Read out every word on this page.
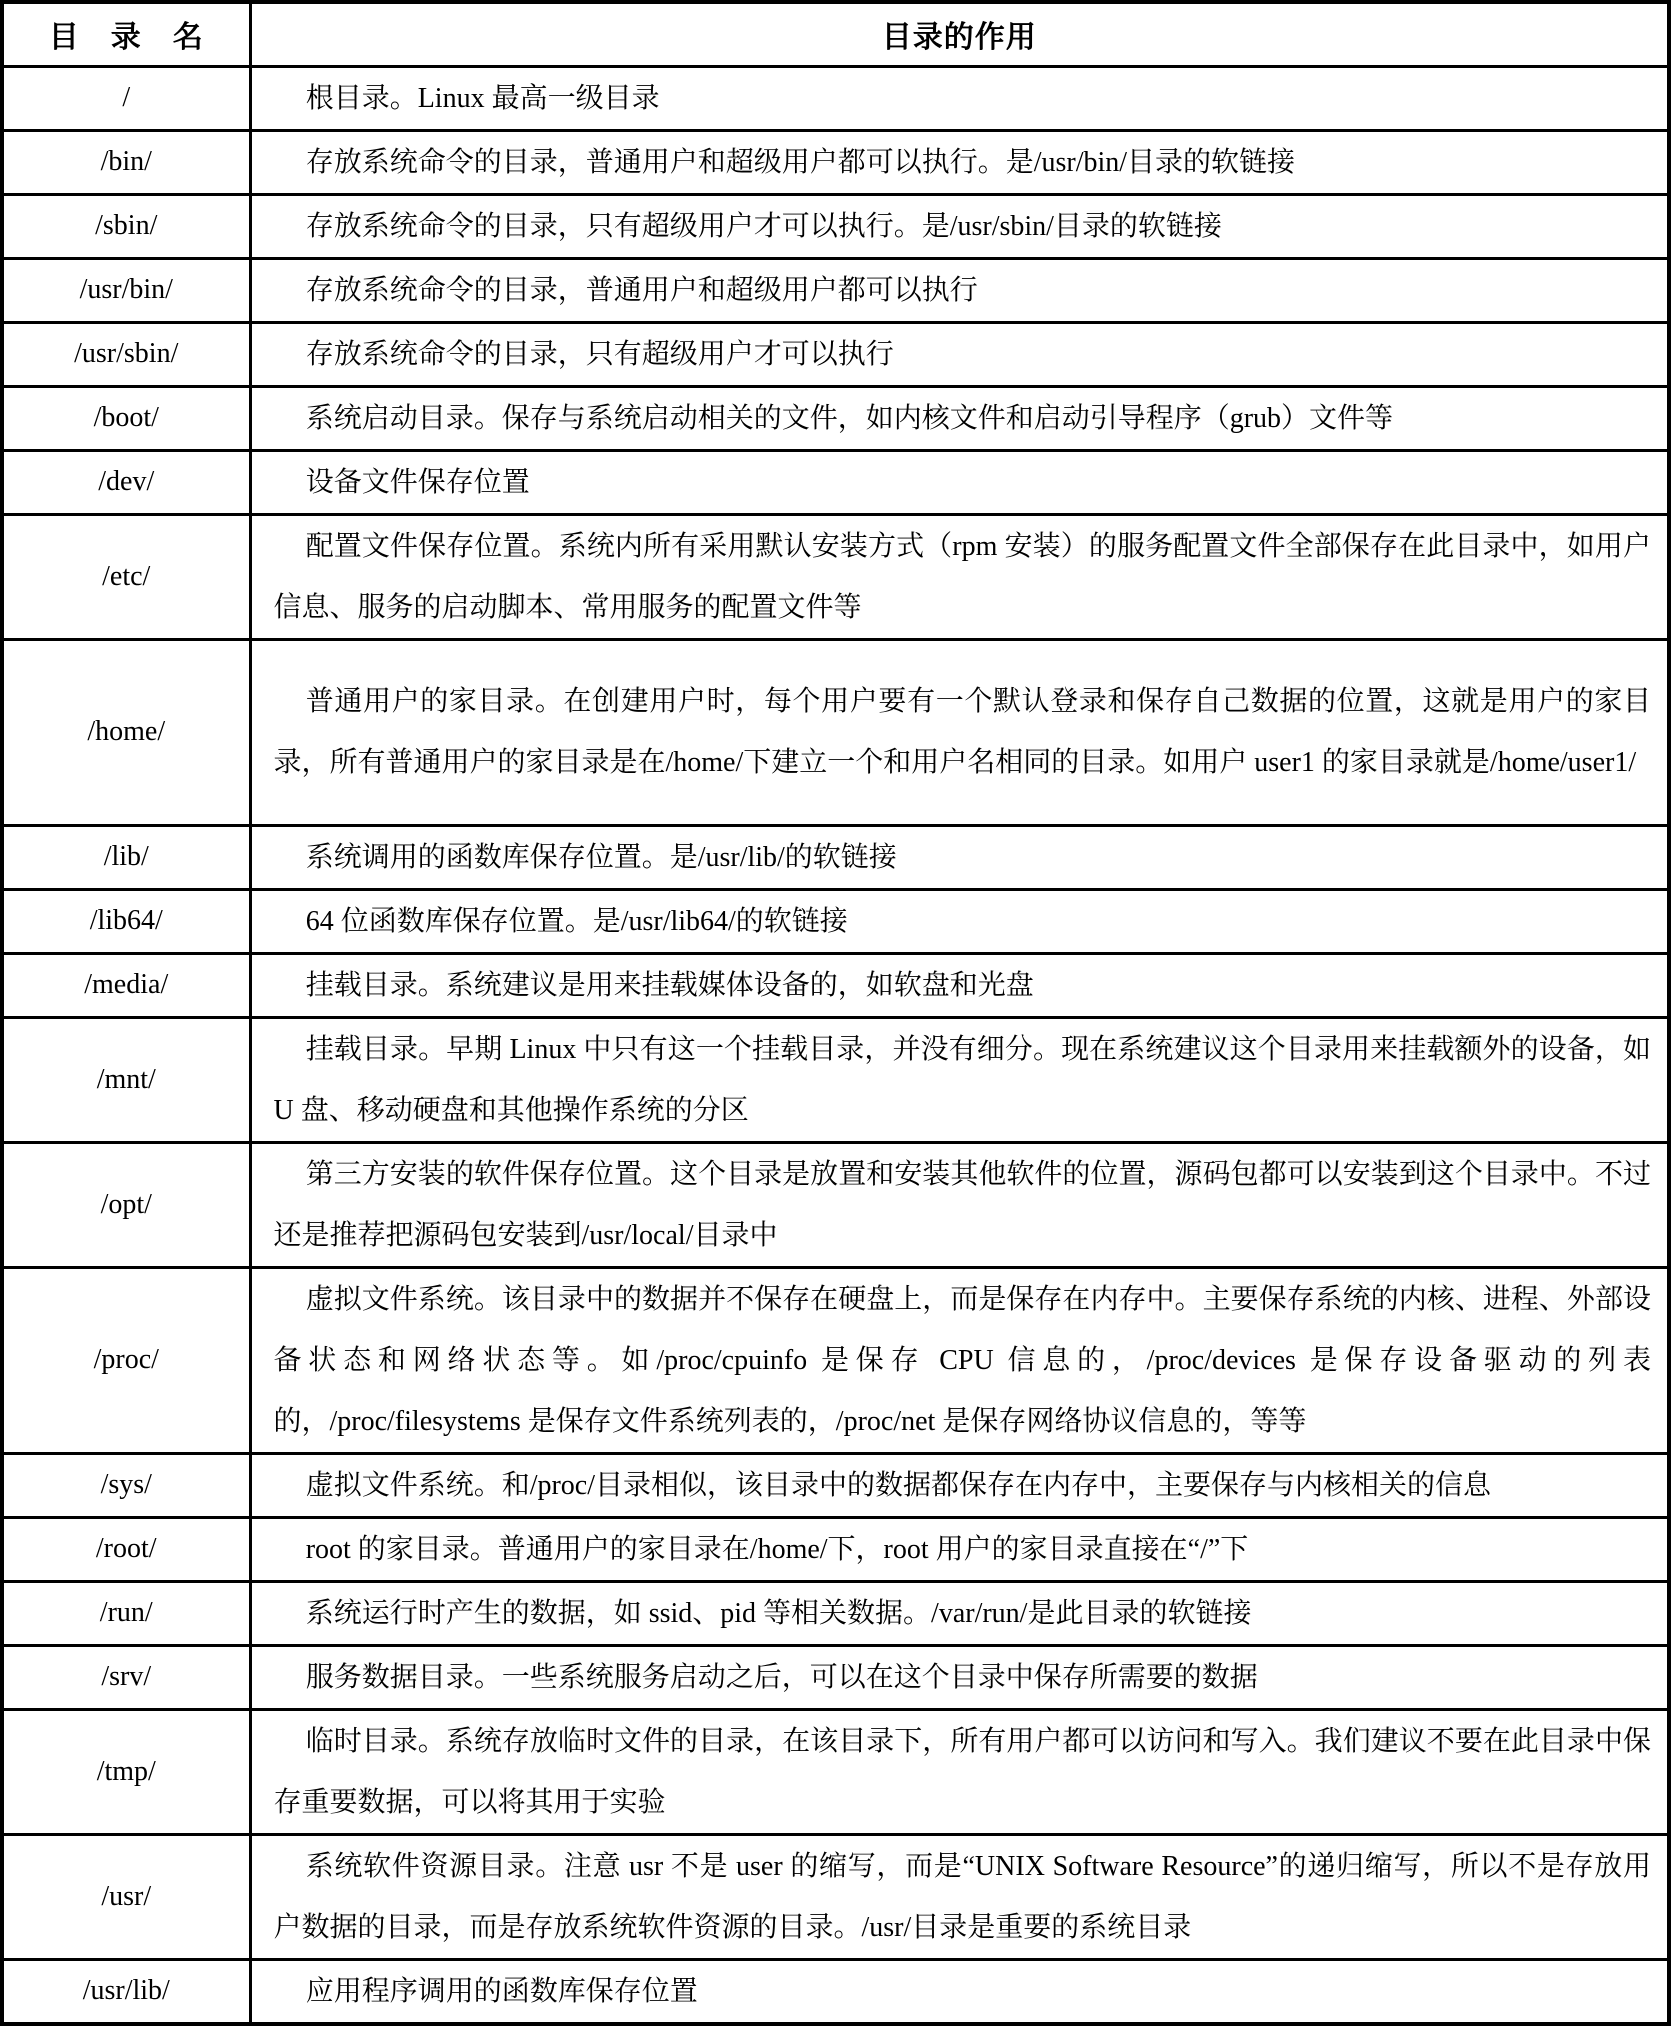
目　录　名	目录的作用
/	根目录。Linux 最高一级目录

/bin/	存放系统命令的目录，普通用户和超级用户都可以执行。是/usr/bin/目录的软链接

/sbin/	存放系统命令的目录，只有超级用户才可以执行。是/usr/sbin/目录的软链接

/usr/bin/	存放系统命令的目录，普通用户和超级用户都可以执行

/usr/sbin/	存放系统命令的目录，只有超级用户才可以执行

/boot/	系统启动目录。保存与系统启动相关的文件，如内核文件和启动引导程序（grub）文件等

/dev/	设备文件保存位置

/etc/	配置文件保存位置。系统内所有采用默认安装方式（rpm 安装）的服务配置文件全部保存在此目录中，如用户信息、服务的启动脚本、常用服务的配置文件等

/home/	普通用户的家目录。在创建用户时，每个用户要有一个默认登录和保存自己数据的位置，这就是用户的家目录，所有普通用户的家目录是在/home/下建立一个和用户名相同的目录。如用户 user1 的家目录就是/home/user1/

/lib/	系统调用的函数库保存位置。是/usr/lib/的软链接

/lib64/	64 位函数库保存位置。是/usr/lib64/的软链接

/media/	挂载目录。系统建议是用来挂载媒体设备的，如软盘和光盘

/mnt/	挂载目录。早期 Linux 中只有这一个挂载目录，并没有细分。现在系统建议这个目录用来挂载额外的设备，如 U 盘、移动硬盘和其他操作系统的分区

/opt/	第三方安装的软件保存位置。这个目录是放置和安装其他软件的位置，源码包都可以安装到这个目录中。不过还是推荐把源码包安装到/usr/local/目录中

/proc/	虚拟文件系统。该目录中的数据并不保存在硬盘上，而是保存在内存中。主要保存系统的内核、进程、外部设备状态和网络状态等。如/proc/cpuinfo 是保存 CPU 信息的，/proc/devices 是保存设备驱动的列表的，/proc/filesystems 是保存文件系统列表的，/proc/net 是保存网络协议信息的，等等

/sys/	虚拟文件系统。和/proc/目录相似，该目录中的数据都保存在内存中，主要保存与内核相关的信息

/root/	root 的家目录。普通用户的家目录在/home/下，root 用户的家目录直接在“/”下

/run/	系统运行时产生的数据，如 ssid、pid 等相关数据。/var/run/是此目录的软链接

/srv/	服务数据目录。一些系统服务启动之后，可以在这个目录中保存所需要的数据

/tmp/	临时目录。系统存放临时文件的目录，在该目录下，所有用户都可以访问和写入。我们建议不要在此目录中保存重要数据，可以将其用于实验

/usr/	系统软件资源目录。注意 usr 不是 user 的缩写，而是“UNIX Software Resource”的递归缩写，所以不是存放用户数据的目录，而是存放系统软件资源的目录。/usr/目录是重要的系统目录

/usr/lib/	应用程序调用的函数库保存位置
